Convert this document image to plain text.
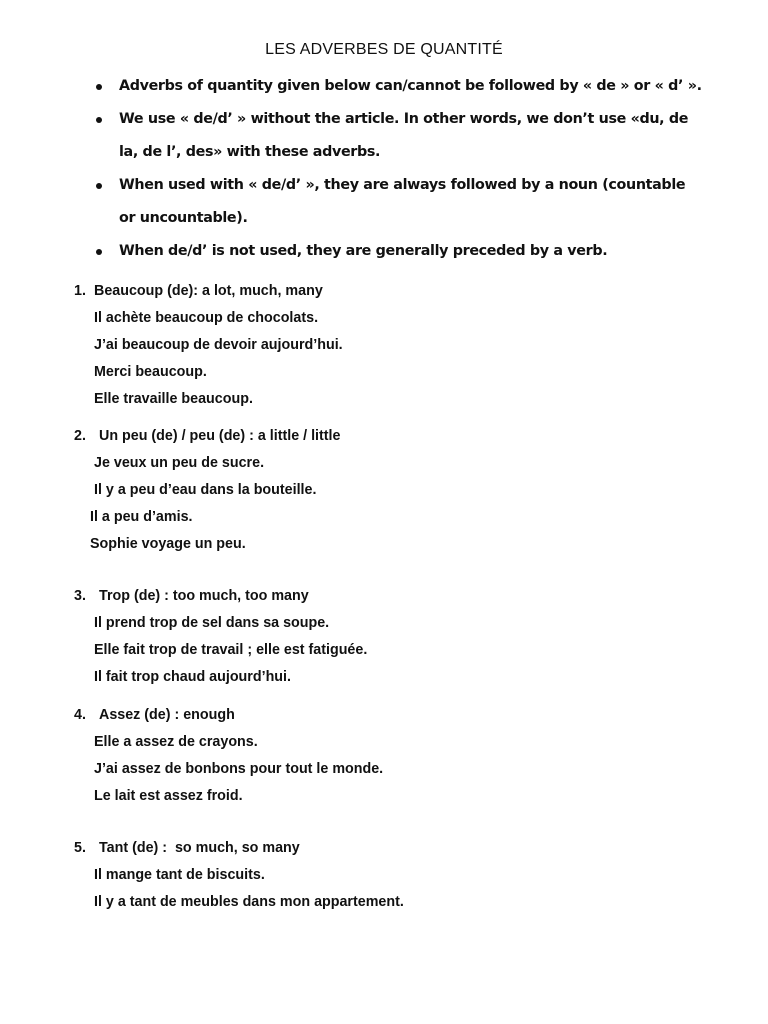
LES ADVERBES DE QUANTITÉ
Adverbs of quantity given below can/cannot be followed by « de » or « d’ ».
We use « de/d’ » without the article. In other words, we don’t use «du, de la, de l’, des» with these adverbs.
When used with « de/d’ », they are always followed by a noun (countable or uncountable).
When de/d’ is not used, they are generally preceded by a verb.
1. Beaucoup (de): a lot, much, many
Il achète beaucoup de chocolats.
J’ai beaucoup de devoir aujourd’hui.
Merci beaucoup.
Elle travaille beaucoup.
2. Un peu (de) / peu (de) : a little / little
Je veux un peu de sucre.
Il y a peu d’eau dans la bouteille.
Il a peu d’amis.
Sophie voyage un peu.
3. Trop (de) : too much, too many
Il prend trop de sel dans sa soupe.
Elle fait trop de travail ; elle est fatiguée.
Il fait trop chaud aujourd’hui.
4. Assez (de) : enough
Elle a assez de crayons.
J’ai assez de bonbons pour tout le monde.
Le lait est assez froid.
5. Tant (de) :  so much, so many
Il mange tant de biscuits.
Il y a tant de meubles dans mon appartement.
